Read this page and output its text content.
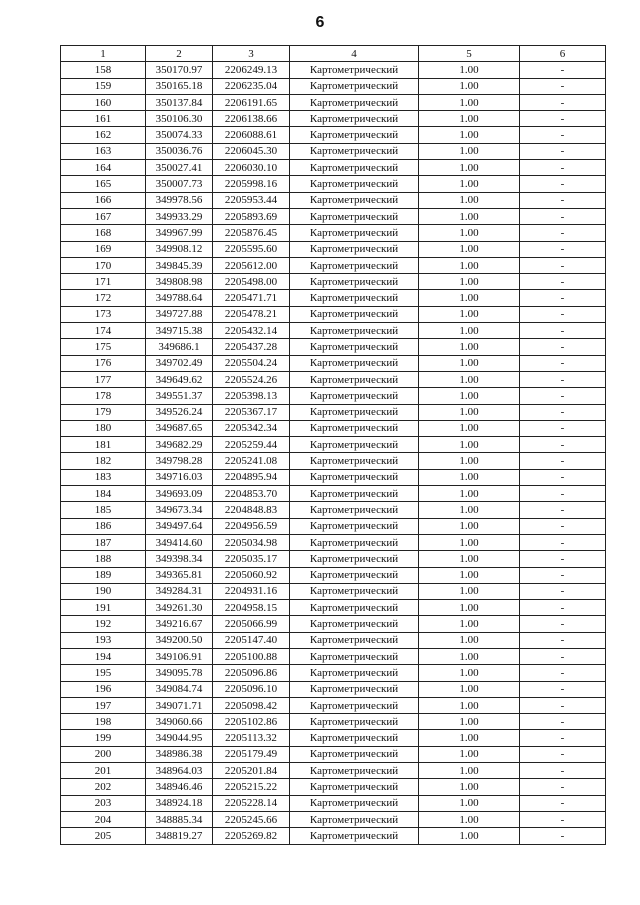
6
1	2	3	4	5	6
158	350170.97	2206249.13	Картометрический	1.00	-
159	350165.18	2206235.04	Картометрический	1.00	-
160	350137.84	2206191.65	Картометрический	1.00	-
161	350106.30	2206138.66	Картометрический	1.00	-
162	350074.33	2206088.61	Картометрический	1.00	-
163	350036.76	2206045.30	Картометрический	1.00	-
164	350027.41	2206030.10	Картометрический	1.00	-
165	350007.73	2205998.16	Картометрический	1.00	-
166	349978.56	2205953.44	Картометрический	1.00	-
167	349933.29	2205893.69	Картометрический	1.00	-
168	349967.99	2205876.45	Картометрический	1.00	-
169	349908.12	2205595.60	Картометрический	1.00	-
170	349845.39	2205612.00	Картометрический	1.00	-
171	349808.98	2205498.00	Картометрический	1.00	-
172	349788.64	2205471.71	Картометрический	1.00	-
173	349727.88	2205478.21	Картометрический	1.00	-
174	349715.38	2205432.14	Картометрический	1.00	-
175	349686.1	2205437.28	Картометрический	1.00	-
176	349702.49	2205504.24	Картометрический	1.00	-
177	349649.62	2205524.26	Картометрический	1.00	-
178	349551.37	2205398.13	Картометрический	1.00	-
179	349526.24	2205367.17	Картометрический	1.00	-
180	349687.65	2205342.34	Картометрический	1.00	-
181	349682.29	2205259.44	Картометрический	1.00	-
182	349798.28	2205241.08	Картометрический	1.00	-
183	349716.03	2204895.94	Картометрический	1.00	-
184	349693.09	2204853.70	Картометрический	1.00	-
185	349673.34	2204848.83	Картометрический	1.00	-
186	349497.64	2204956.59	Картометрический	1.00	-
187	349414.60	2205034.98	Картометрический	1.00	-
188	349398.34	2205035.17	Картометрический	1.00	-
189	349365.81	2205060.92	Картометрический	1.00	-
190	349284.31	2204931.16	Картометрический	1.00	-
191	349261.30	2204958.15	Картометрический	1.00	-
192	349216.67	2205066.99	Картометрический	1.00	-
193	349200.50	2205147.40	Картометрический	1.00	-
194	349106.91	2205100.88	Картометрический	1.00	-
195	349095.78	2205096.86	Картометрический	1.00	-
196	349084.74	2205096.10	Картометрический	1.00	-
197	349071.71	2205098.42	Картометрический	1.00	-
198	349060.66	2205102.86	Картометрический	1.00	-
199	349044.95	2205113.32	Картометрический	1.00	-
200	348986.38	2205179.49	Картометрический	1.00	-
201	348964.03	2205201.84	Картометрический	1.00	-
202	348946.46	2205215.22	Картометрический	1.00	-
203	348924.18	2205228.14	Картометрический	1.00	-
204	348885.34	2205245.66	Картометрический	1.00	-
205	348819.27	2205269.82	Картометрический	1.00	-
